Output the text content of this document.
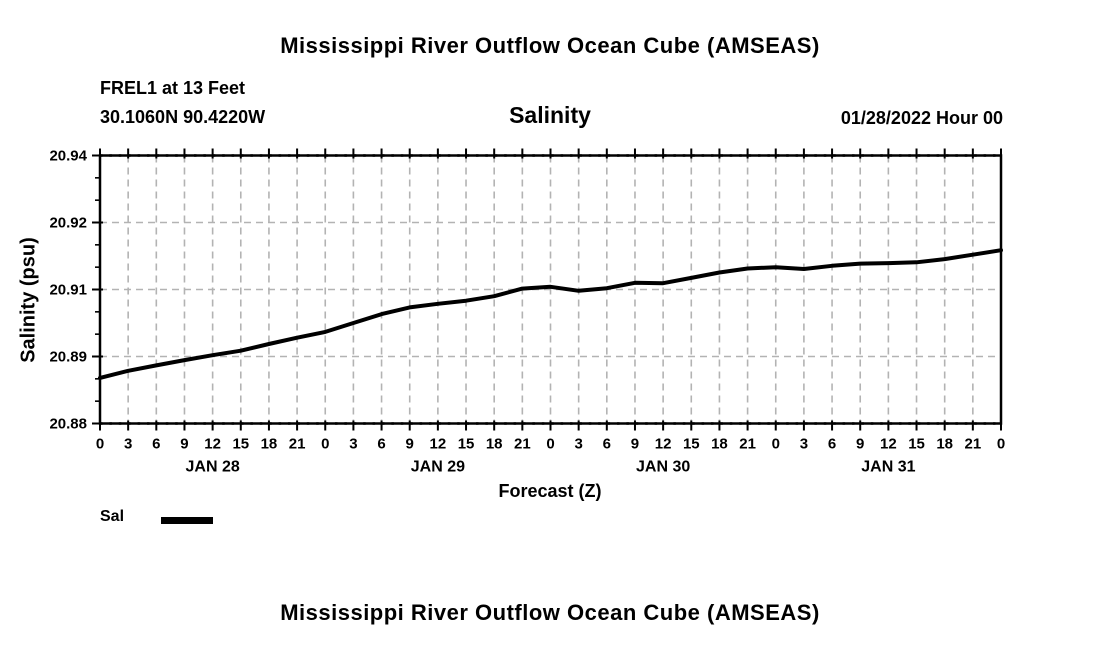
Mississippi River Outflow Ocean Cube (AMSEAS)
FREL1 at 13 Feet
30.1060N 90.4220W	Salinity	01/28/2022 Hour 00
Salinity (psu)
0 3 6 9 12 15 18 21 0 3 6 9 12 15 18 21 0 3 6 9 12 15 18 21 0 3 6 9 12 15 18 21 0
JAN 28	JAN 29	JAN 30	JAN 31
20.88
20.89
20.91
20.92
20.94
Forecast (Z)
Sal
Mississippi River Outflow Ocean Cube (AMSEAS)
